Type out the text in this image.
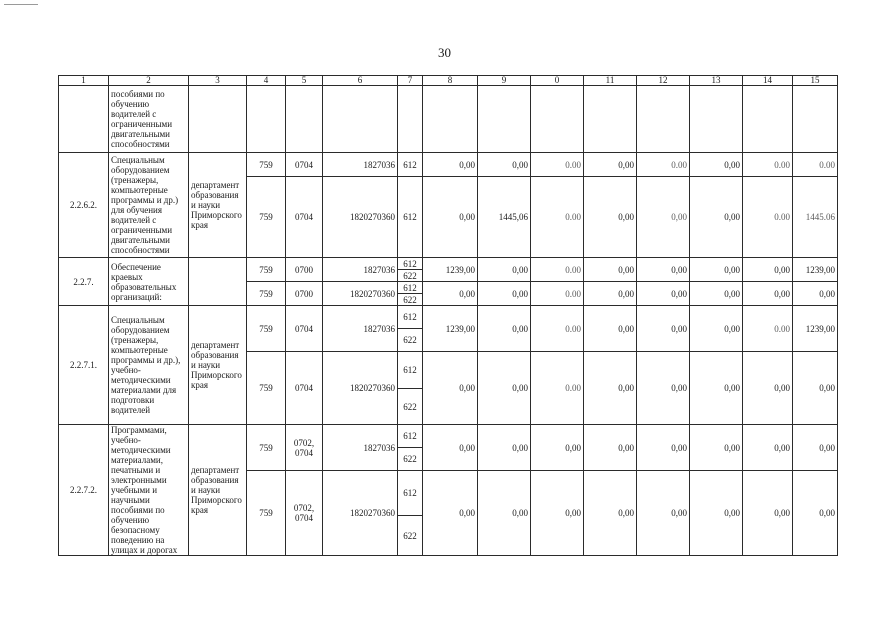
30
1	2	3	4	5	6	7	8	9	0	11	12	13	14	15
	пособиями по обучению водителей с ограниченными двигательными способностями													
2.2.6.2.	Специальным оборудованием (тренажеры, компьютерные программы и др.) для обучения водителей с ограниченными двигательными способностями	департамент образования и науки Приморского края	759	0704	1827036	612	0,00	0,00	0.00	0,00	0.00	0,00	0.00	0.00
			759	0704	1820270360	612	0,00	1445,06	0.00	0,00	0,00	0,00	0.00	1445.06
2.2.7.	Обеспечение краевых образовательных организаций:		759	0700	1827036	612	1239,00	0,00	0.00	0,00	0,00	0,00	0,00	1239,00
						622								
			759	0700	1820270360	612	0,00	0,00	0.00	0,00	0,00	0,00	0,00	0,00
						622								
2.2.7.1.	Специальным оборудованием (тренажеры, компьютерные программы и др.), учебно-методическими материалами для подготовки водителей	департамент образования и науки Приморского края	759	0704	1827036	612	1239,00	0,00	0.00	0,00	0,00	0,00	0.00	1239,00
						622								
			759	0704	1820270360	612	0,00	0,00	0.00	0,00	0,00	0,00	0,00	0,00
						622								
2.2.7.2.	Программами, учебно-методическими материалами, печатными и электронными учебными и научными пособиями по обучению безопасному поведению на улицах и дорогах	департамент образования и науки Приморского края	759	0702, 0704	1827036	612	0,00	0,00	0,00	0,00	0,00	0,00	0,00	0,00
						622								
			759	0702, 0704	1820270360	612	0,00	0,00	0,00	0,00	0,00	0,00	0,00	0,00
						622								
